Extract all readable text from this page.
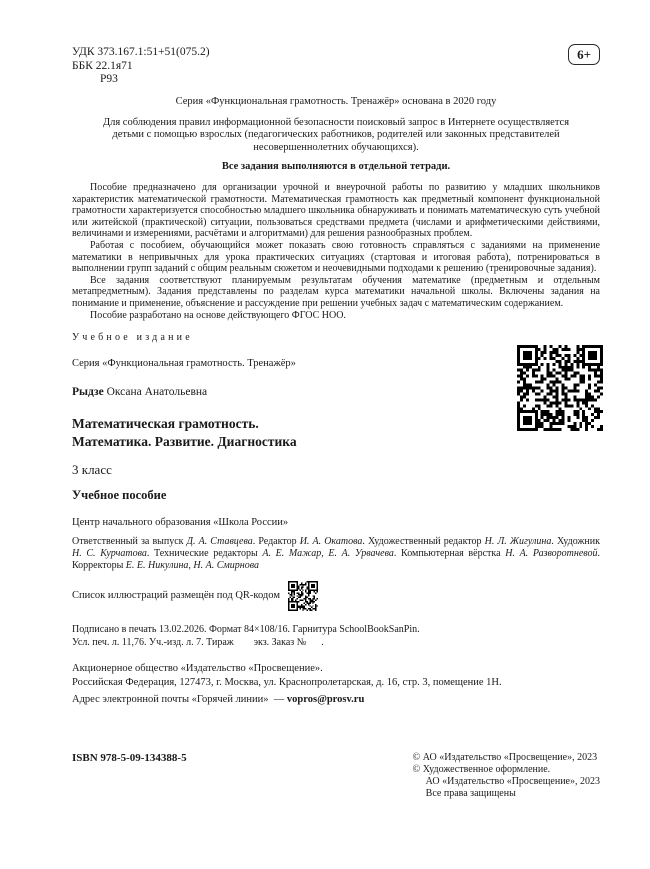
УДК 373.167.1:51+51(075.2)
ББК 22.1я71
Р93
6+
Серия «Функциональная грамотность. Тренажёр» основана в 2020 году
Для соблюдения правил информационной безопасности поисковый запрос в Интернете осуществляется детьми с помощью взрослых (педагогических работников, родителей или законных представителей несовершеннолетних обучающихся).
Все задания выполняются в отдельной тетради.

Пособие предназначено для организации урочной и внеурочной работы по развитию у младших школьников характеристик математической грамотности. Математическая грамотность как предметный компонент функциональной грамотности характеризуется способностью младшего школьника обнаруживать и понимать математическую суть учебной или житейской (практической) ситуации, пользоваться средствами предмета (числами и арифметическими действиями, величинами и измерениями, расчётами и алгоритмами) для решения разнообразных проблем.

Работая с пособием, обучающийся может показать свою готовность справляться с заданиями на применение математики в непривычных для урока практических ситуациях (стартовая и итоговая работа), потренироваться в выполнении групп заданий с общим реальным сюжетом и неочевидными подходами к решению (тренировочные задания).

Все задания соответствуют планируемым результатам обучения математике (предметным и отдельным метапредметным). Задания представлены по разделам курса математики начальной школы. Включены задания на понимание и применение, объяснение и рассуждение при решении учебных задач с математическим содержанием.

Пособие разработано на основе действующего ФГОС НОО.

Учебное издание
Серия «Функциональная грамотность. Тренажёр»
Рыдзе Оксана Анатольевна
Математическая грамотность.
Математика. Развитие. Диагностика
3 класс
Учебное пособие
Центр начального образования «Школа России»

Ответственный за выпуск Д. А. Ставцева. Редактор И. А. Окатова. Художественный редактор Н. Л. Жигулина. Художник Н. С. Курчатова. Технические редакторы А. Е. Мажар, Е. А. Урвачева. Компьютерная вёрстка Н. А. Разворотневой. Корректоры Е. Е. Никулина, Н. А. Смирнова

Список иллюстраций размещён под QR-кодом
Подписано в печать 13.02.2026. Формат 84×108/16. Гарнитура SchoolBookSanPin.
Усл. печ. л. 11,76. Уч.-изд. л. 7. Тираж        экз. Заказ №      .
Акционерное общество «Издательство «Просвещение».
Российская Федерация, 127473, г. Москва, ул. Краснопролетарская, д. 16, стр. 3, помещение 1Н.
Адрес электронной почты «Горячей линии»  — vopros@prosv.ru
ISBN 978-5-09-134388-5	© АО «Издательство «Просвещение», 2023
© Художественное оформление.
АО «Издательство «Просвещение», 2023
Все права защищены
